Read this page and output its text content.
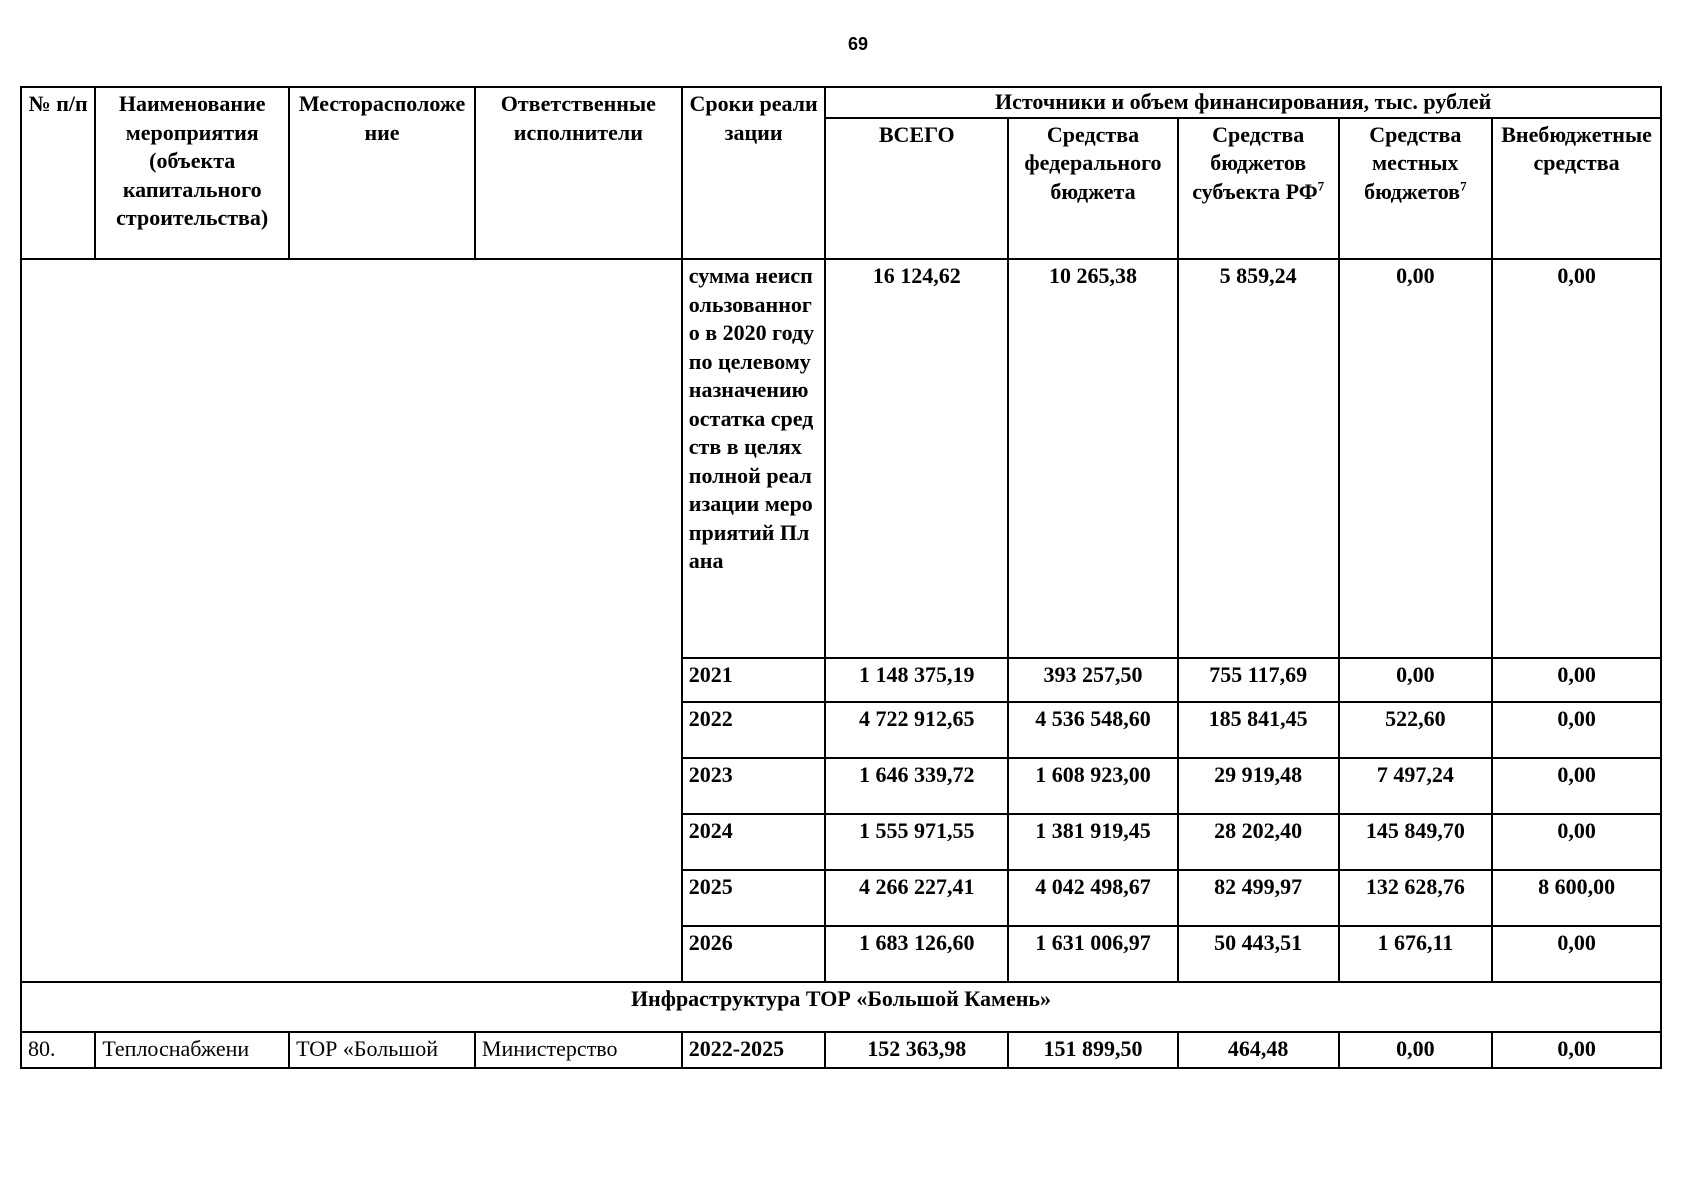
69
№ п/п	Наименование мероприятия (объекта капитального строительства)	Месторасположение	Ответственные исполнители	Сроки реализации	Источники и объем финансирования, тыс. рублей				
					ВСЕГО	Средства федерального бюджета	Средства бюджетов субъекта $РФ^7$	Средства местных бюджетов$^7$	Внебюджетные средства
				сумма неиспользованного в 2020 году по целевому назначению остатка средств в целях полной реализации мероприятий Плана	16 124,62	10 265,38	5 859,24	0,00	0,00
				2021	1 148 375,19	393 257,50	755 117,69	0,00	0,00
				2022	4 722 912,65	4 536 548,60	185 841,45	522,60	0,00
				2023	1 646 339,72	1 608 923,00	29 919,48	7 497,24	0,00
				2024	1 555 971,55	1 381 919,45	28 202,40	145 849,70	0,00
				2025	4 266 227,41	4 042 498,67	82 499,97	132 628,76	8 600,00
				2026	1 683 126,60	1 631 006,97	50 443,51	1 676,11	0,00
Инфраструктура ТОР «Большой Камень»									
80.	Теплоснабжени	ТОР «Большой	Министерство	2022-2025	152 363,98	151 899,50	464,48	0,00	0,00
